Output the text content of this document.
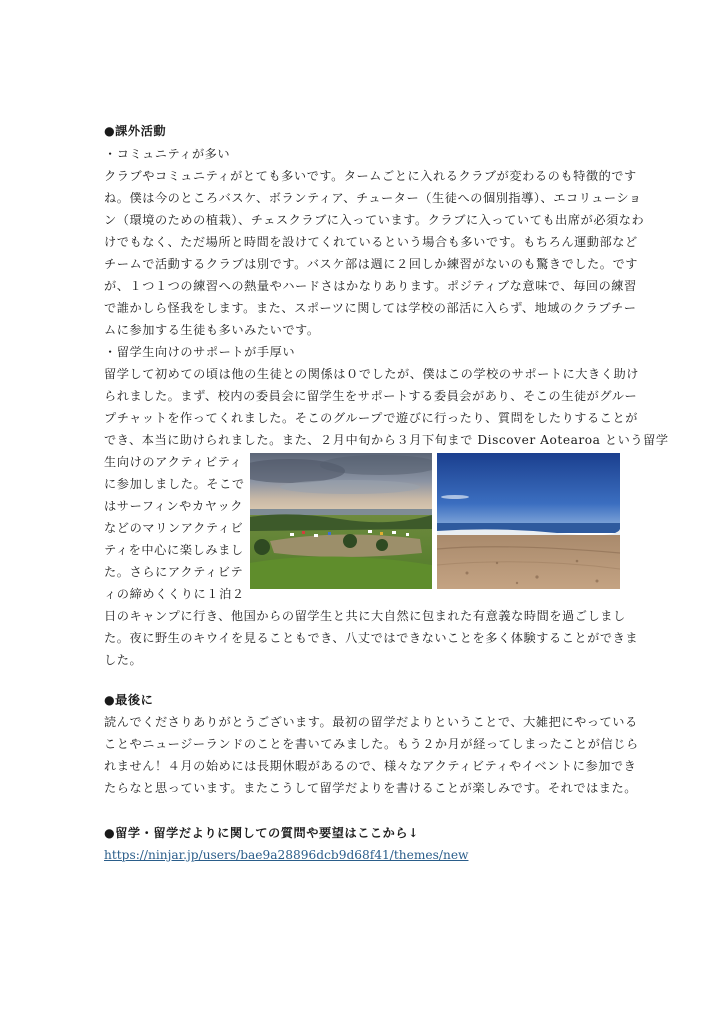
●課外活動
・コミュニティが多い
クラブやコミュニティがとても多いです。タームごとに入れるクラブが変わるのも特徴的です
ね。僕は今のところバスケ、ボランティア、チューター（生徒への個別指導）、エコリューショ
ン（環境のための植栽）、チェスクラブに入っています。クラブに入っていても出席が必須なわ
けでもなく、ただ場所と時間を設けてくれているという場合も多いです。もちろん運動部など
チームで活動するクラブは別です。バスケ部は週に２回しか練習がないのも驚きでした。です
が、１つ１つの練習への熱量やハードさはかなりあります。ポジティブな意味で、毎回の練習
で誰かしら怪我をします。また、スポーツに関しては学校の部活に入らず、地域のクラブチー
ムに参加する生徒も多いみたいです。
・留学生向けのサポートが手厚い
留学して初めての頃は他の生徒との関係は０でしたが、僕はこの学校のサポートに大きく助け
られました。まず、校内の委員会に留学生をサポートする委員会があり、そこの生徒がグルー
プチャットを作ってくれました。そこのグループで遊びに行ったり、質問をしたりすることが
でき、本当に助けられました。また、２月中旬から３月下旬まで Discover Aotearoa という留学
生向けのアクティビティ
に参加しました。そこで
はサーフィンやカヤック
などのマリンアクティビ
ティを中心に楽しみまし
た。さらにアクティビテ
ィの締めくくりに１泊２
日のキャンプに行き、他国からの留学生と共に大自然に包まれた有意義な時間を過ごしまし
た。夜に野生のキウイを見ることもでき、八丈ではできないことを多く体験することができま
した。
●最後に
読んでくださりありがとうございます。最初の留学だよりということで、大雑把にやっている
ことやニュージーランドのことを書いてみました。もう２か月が経ってしまったことが信じら
れません！４月の始めには長期休暇があるので、様々なアクティビティやイベントに参加でき
たらなと思っています。またこうして留学だよりを書けることが楽しみです。それではまた。
●留学・留学だよりに関しての質問や要望はここから↓
https://ninjar.jp/users/bae9a28896dcb9d68f41/themes/new
